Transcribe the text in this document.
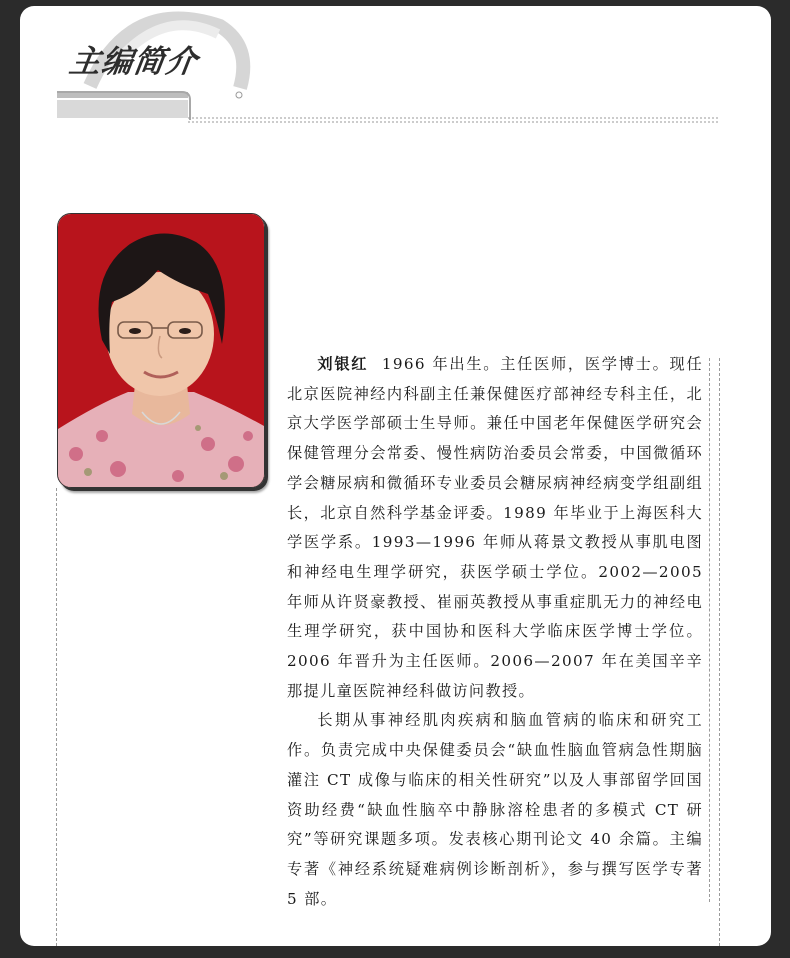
主编简介

刘银红 1966 年出生。主任医师，医学博士。现任北京医院神经内科副主任兼保健医疗部神经专科主任，北京大学医学部硕士生导师。兼任中国老年保健医学研究会保健管理分会常委、慢性病防治委员会常委，中国微循环学会糖尿病和微循环专业委员会糖尿病神经病变学组副组长，北京自然科学基金评委。1989 年毕业于上海医科大学医学系。1993—1996 年师从蒋景文教授从事肌电图和神经电生理学研究，获医学硕士学位。2002—2005 年师从许贤豪教授、崔丽英教授从事重症肌无力的神经电生理学研究，获中国协和医科大学临床医学博士学位。2006 年晋升为主任医师。2006—2007 年在美国辛辛那提儿童医院神经科做访问教授。

长期从事神经肌肉疾病和脑血管病的临床和研究工作。负责完成中央保健委员会“缺血性脑血管病急性期脑灌注 CT 成像与临床的相关性研究”以及人事部留学回国资助经费“缺血性脑卒中静脉溶栓患者的多模式 CT 研究”等研究课题多项。发表核心期刊论文 40 余篇。主编专著《神经系统疑难病例诊断剖析》，参与撰写医学专著 5 部。
